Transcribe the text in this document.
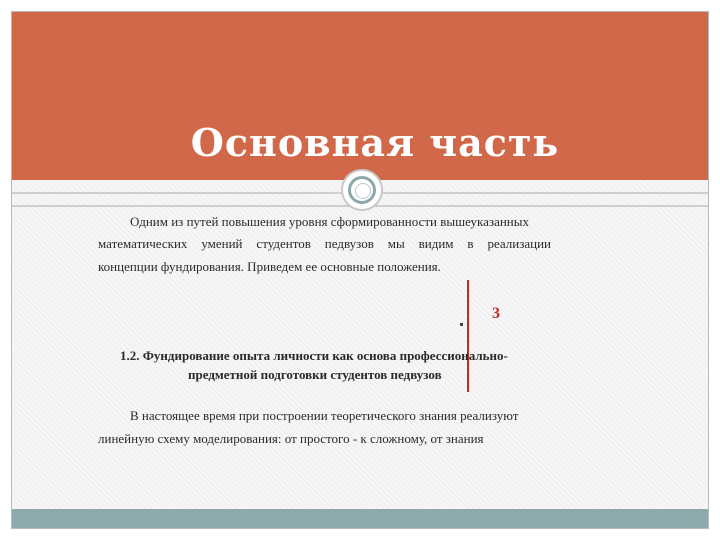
Основная часть
Одним из путей повышения уровня сформированности вышеуказанных
математических умений студентов педвузов мы видим в реализации
концепции фундирования. Приведем ее основные положения.
3
1.2. Фундирование опыта личности как основа профессионально-
предметной подготовки студентов педвузов
В настоящее время при построении теоретического знания реализуют
линейную схему моделирования: от простого - к сложному, от знания
